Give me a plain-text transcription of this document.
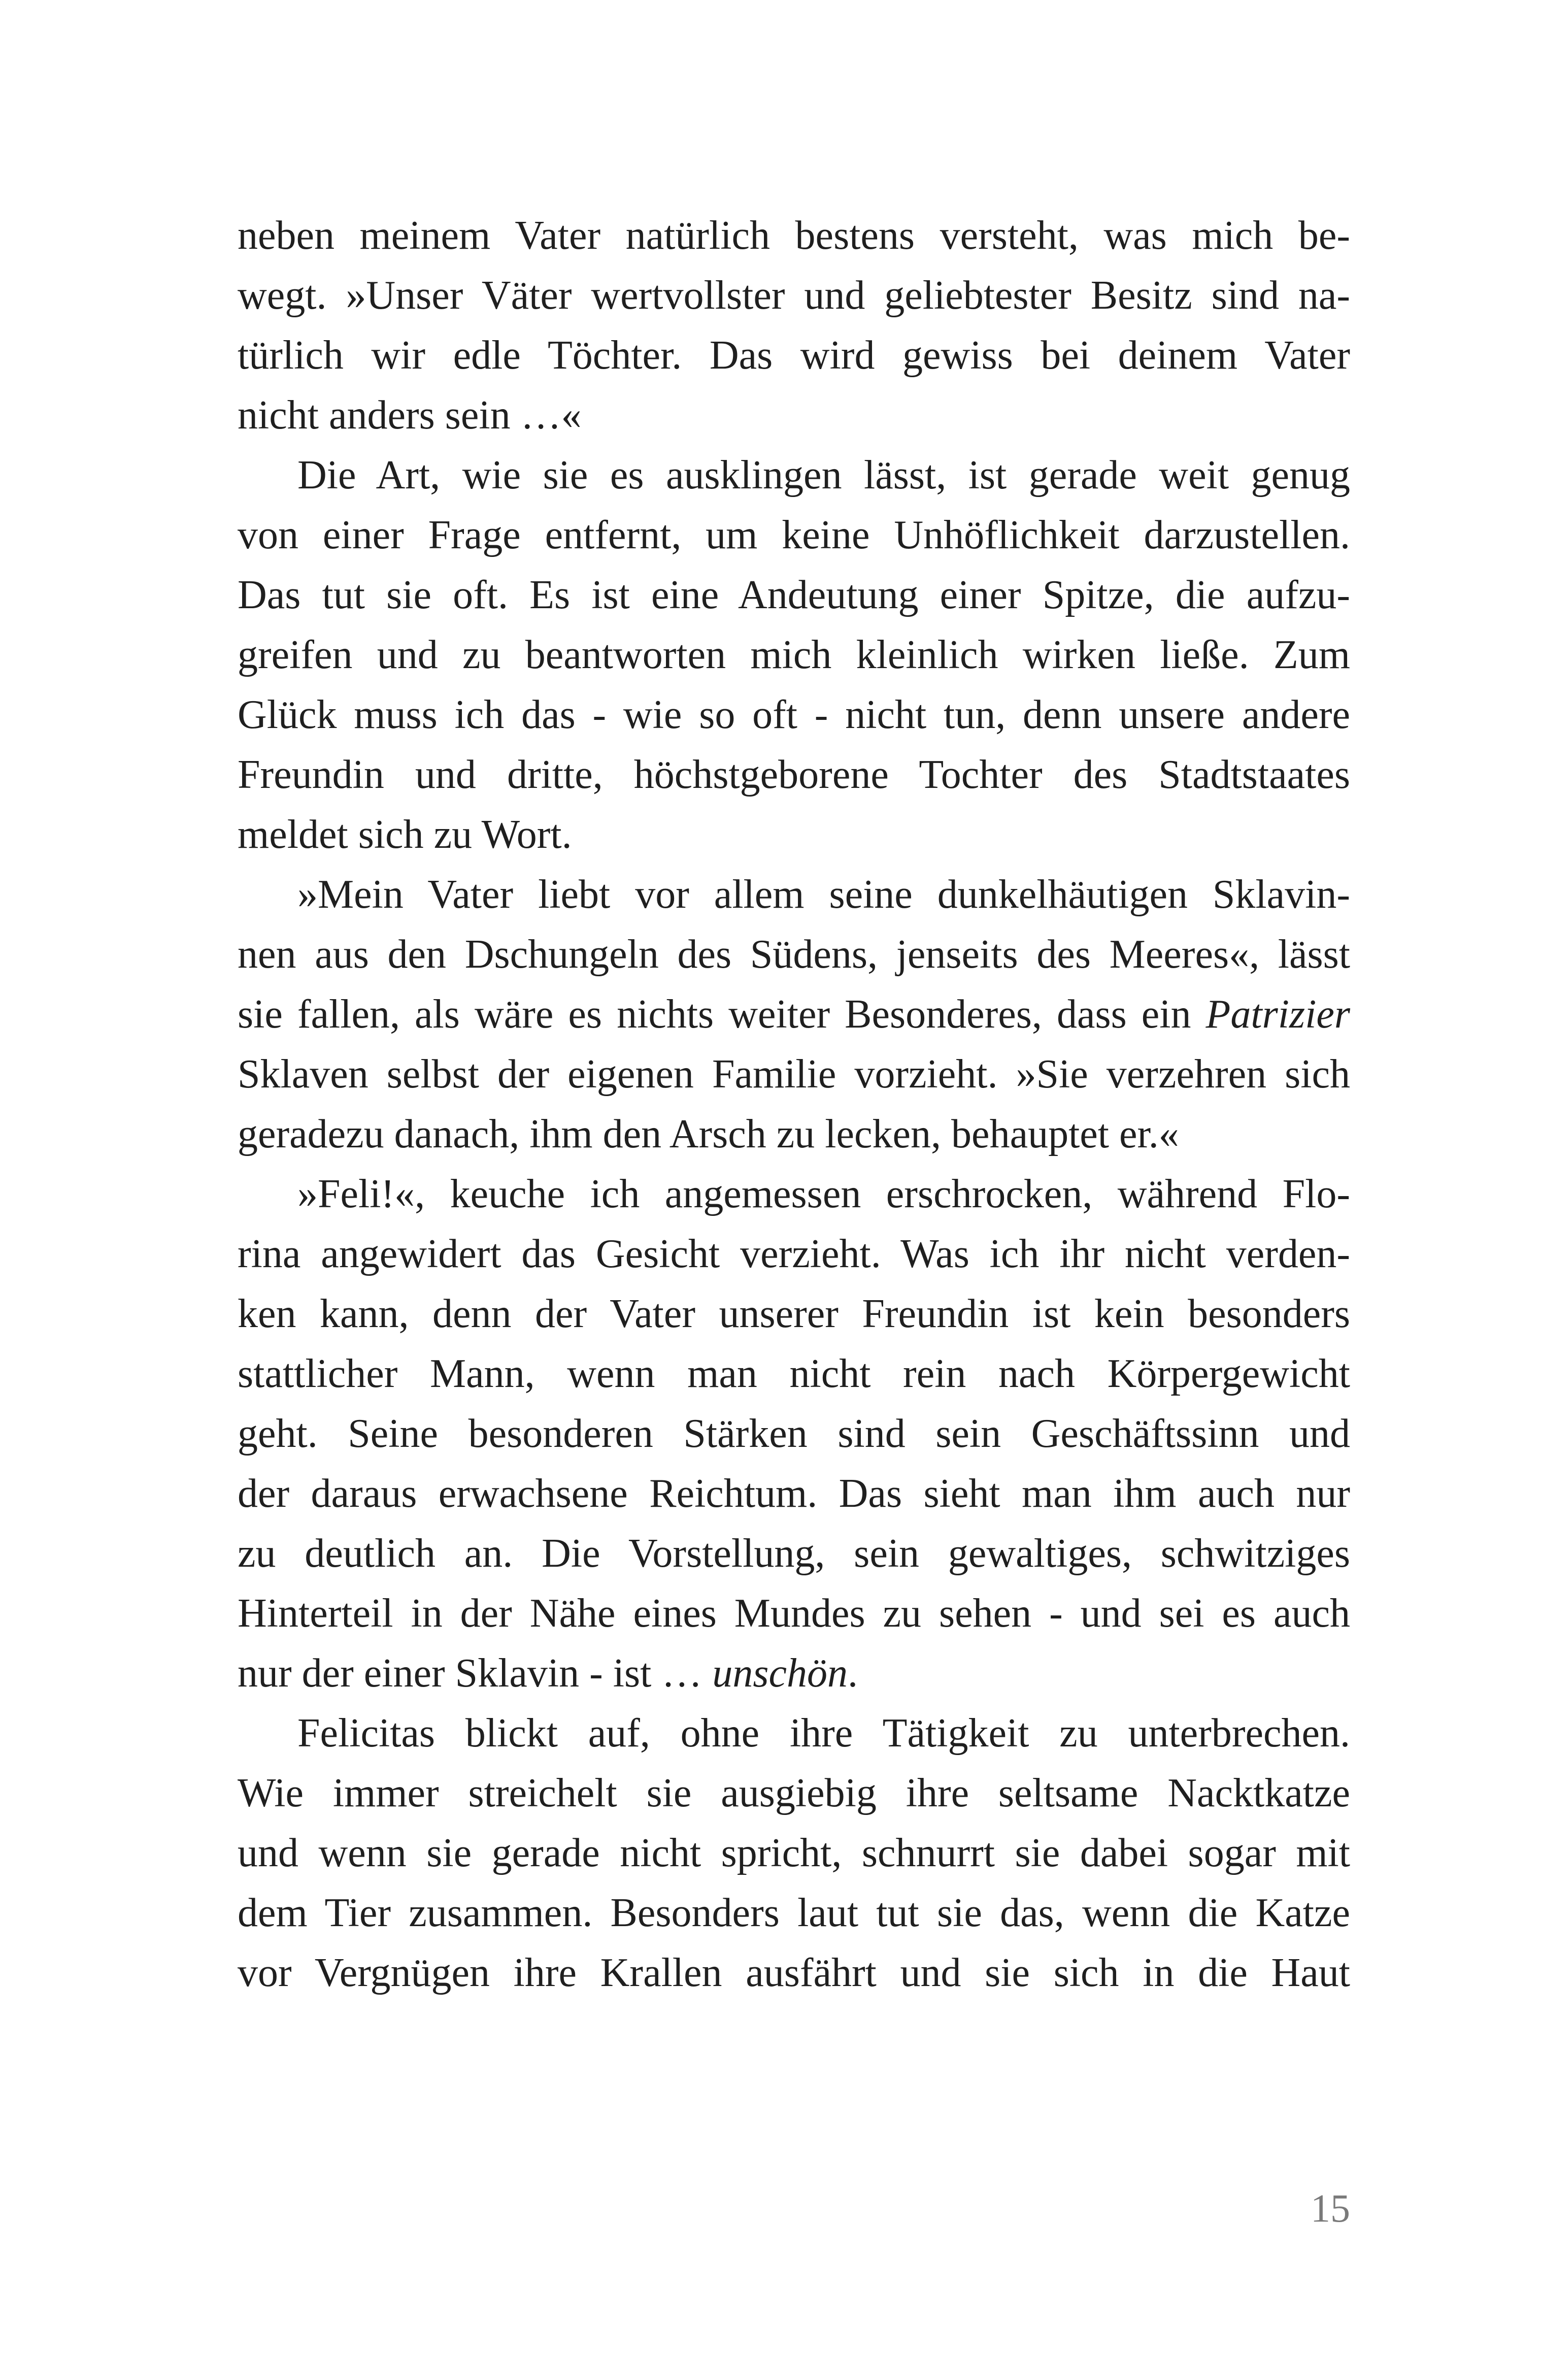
neben meinem Vater natürlich bestens versteht, was mich be-
wegt. »Unser Väter wertvollster und geliebtester Besitz sind na-
türlich wir edle Töchter. Das wird gewiss bei deinem Vater
nicht anders sein …«
Die Art, wie sie es ausklingen lässt, ist gerade weit genug
von einer Frage entfernt, um keine Unhöflichkeit darzustellen.
Das tut sie oft. Es ist eine Andeutung einer Spitze, die aufzu-
greifen und zu beantworten mich kleinlich wirken ließe. Zum
Glück muss ich das - wie so oft - nicht tun, denn unsere andere
Freundin und dritte, höchstgeborene Tochter des Stadtstaates
meldet sich zu Wort.
»Mein Vater liebt vor allem seine dunkelhäutigen Sklavin-
nen aus den Dschungeln des Südens, jenseits des Meeres«, lässt
sie fallen, als wäre es nichts weiter Besonderes, dass ein Patrizier
Sklaven selbst der eigenen Familie vorzieht. »Sie verzehren sich
geradezu danach, ihm den Arsch zu lecken, behauptet er.«
»Feli!«, keuche ich angemessen erschrocken, während Flo-
rina angewidert das Gesicht verzieht. Was ich ihr nicht verden-
ken kann, denn der Vater unserer Freundin ist kein besonders
stattlicher Mann, wenn man nicht rein nach Körpergewicht
geht. Seine besonderen Stärken sind sein Geschäftssinn und
der daraus erwachsene Reichtum. Das sieht man ihm auch nur
zu deutlich an. Die Vorstellung, sein gewaltiges, schwitziges
Hinterteil in der Nähe eines Mundes zu sehen - und sei es auch
nur der einer Sklavin - ist … unschön.
Felicitas blickt auf, ohne ihre Tätigkeit zu unterbrechen.
Wie immer streichelt sie ausgiebig ihre seltsame Nacktkatze
und wenn sie gerade nicht spricht, schnurrt sie dabei sogar mit
dem Tier zusammen. Besonders laut tut sie das, wenn die Katze
vor Vergnügen ihre Krallen ausfährt und sie sich in die Haut
15
